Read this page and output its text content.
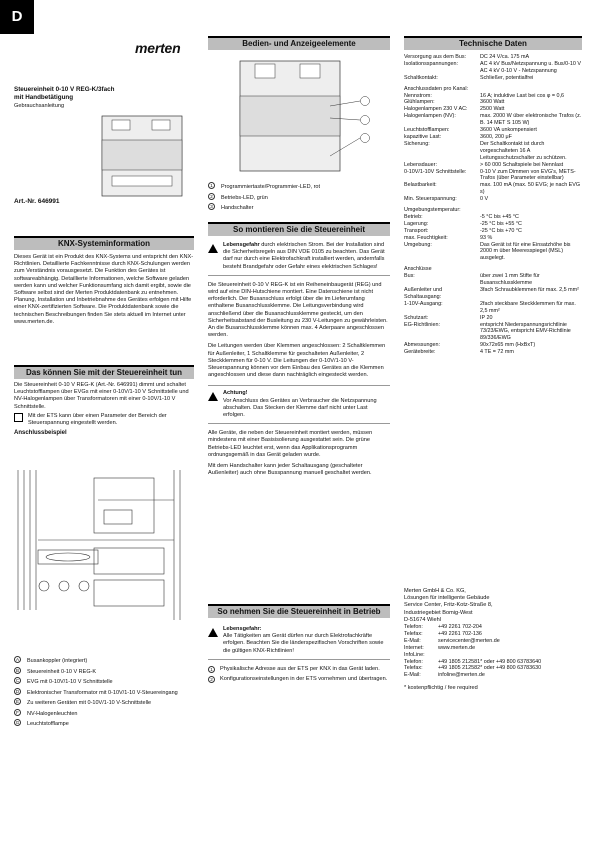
D
merten
Steuereinheit 0-10 V REG-K/3fach
mit Handbetätigung
Gebrauchsanleitung
Art.-Nr. 646991
KNX-Systeminformation

Dieses Gerät ist ein Produkt des KNX-Systems und entspricht den KNX-Richtlinien. Detaillierte Fachkenntnisse durch KNX-Schulungen werden zum Verständnis vorausgesetzt. Die Funktion des Gerätes ist softwareabhängig. Detaillierte Informationen, welche Software geladen werden kann und welcher Funktionsumfang sich damit ergibt, sowie die Software selbst sind der Merten Produktdatenbank zu entnehmen. Planung, Installation und Inbetriebnahme des Gerätes erfolgen mit Hilfe einer KNX-zertifizierten Software. Die Produktdatenbank sowie die technischen Beschreibungen finden Sie stets aktuell im Internet unter www.merten.de.

Das können Sie mit der Steuereinheit tun

Die Steuereinheit 0-10 V REG-K (Art.-Nr. 646991) dimmt und schaltet Leuchtstofflampen über EVGs mit einer 0-10V/1-10 V Schnittstelle und NV-Halogenlampen über Transformatoren mit einer 0-10V/1-10 V Schnittstelle.

Mit der ETS kann über einen Parameter der Bereich der Steuerspannung eingestellt werden.

Anschlussbeispiel
A	Busankoppler (integriert)
B	Steuereinheit 0-10 V REG-K
C	EVG mit 0-10V/1-10 V Schnittstelle
D	Elektronischer Transformator mit 0-10V/1-10 V-Steuereingang
E	Zu weiteren Geräten mit 0-10V/1-10 V-Schnittstelle
F	NV-Halogenleuchten
G	Leuchtstofflampe
Bedien- und Anzeigeelemente
1	Programmiertaste/Programmier-LED, rot
2	Betriebs-LED, grün
3	Handschalter
So montieren Sie die Steuereinheit

Lebensgefahr durch elektrischen Strom. Bei der Installation sind die Sicherheitsregeln aus DIN VDE 0105 zu beachten. Das Gerät darf nur durch eine Elektrofachkraft installiert werden, andernfalls besteht Brandgefahr oder Gefahr eines elektrischen Schlages!

Die Steuereinheit 0-10 V REG-K ist ein Reiheneinbaugerät (REG) und wird auf eine DIN-Hutschiene montiert. Eine Datenschiene ist nicht erforderlich. Der Busanschluss erfolgt über die im Lieferumfang enthaltene Busanschlussklemme. Die Leitungsverbindung wird anschließend über die Busanschlussklemme gesteckt, um den Sicherheitsabstand der Busleitung zu 230 V-Leitungen zu gewährleisten. An die Busanschlussklemme können max. 4 Aderpaare angeschlossen werden.

Die Leitungen werden über Klemmen angeschlossen: 2 Schaltklemmen für Außenleiter, 1 Schaltklemme für geschalteten Außenleiter, 2 Steckklemmen für 0-10 V. Die Leitungen der 0-10V/1-10 V-Steuerspannung können vor dem Einbau des Gerätes an die Klemmen angeschlossen und diese dann nachträglich eingesteckt werden.

Achtung!

Vor Anschluss des Gerätes an Verbraucher die Netzspannung abschalten. Das Stecken der Klemme darf nicht unter Last erfolgen.

Alle Geräte, die neben der Steuereinheit montiert werden, müssen mindestens mit einer Basisisolierung ausgestattet sein. Die grüne Betriebs-LED leuchtet erst, wenn das Applikationsprogramm ordnungsgemäß in das Gerät geladen wurde.

Mit dem Handschalter kann jeder Schaltausgang (geschalteter Außenleiter) auch ohne Busspannung manuell geschaltet werden.

So nehmen Sie die Steuereinheit in Betrieb

Lebensgefahr:

Alle Tätigkeiten am Gerät dürfen nur durch Elektrofachkräfte erfolgen. Beachten Sie die länderspezifischen Vorschriften sowie die gültigen KNX-Richtlinien!

1	Physikalische Adresse aus der ETS per KNX in das Gerät laden.

2	Konfigurationseinstellungen in der ETS vornehmen und übertragen.

Technische Daten
Versorgung aus dem Bus:	DC 24 V/ca. 175 mA
Isolationsspannungen:	AC 4 kV Bus/Netzspannung u. Bus/0-10 V
	AC 4 kV 0-10 V - Netzspannung
Schaltkontakt:	Schließer, potentialfrei
Anschlussdaten pro Kanal:	
Nennstrom:	16 A; induktive Last bei cos φ = 0,6
Glühlampen:	3600 Watt
Halogenlampen 230 V AC:	2500 Watt
Halogenlampen (NV):	max. 2000 W über elektronische Trafos (z. B. 14 MET S 105 W)
Leuchtstofflampen:	3600 VA unkompensiert
kapazitive Last:	3600, 200 μF
Sicherung:	Der Schaltkontakt ist durch vorgeschalteten 16 A Leitungsschutzschalter zu schützen.
Lebensdauer:	> 60 000 Schaltspiele bei Nennlast
0-10V/1-10V Schnittstelle:	0-10 V zum Dimmen von EVG's, METS-Trafos (über Parameter einstellbar)
Belastbarkeit:	max. 100 mA (max. 50 EVG; je nach EVG s)
Min. Steuerspannung:	0 V
Umgebungstemperatur:	
Betrieb:	-5 °C bis +45 °C
Lagerung:	-25 °C bis +55 °C
Transport:	-25 °C bis +70 °C
max. Feuchtigkeit:	93 %
Umgebung:	Das Gerät ist für eine Einsatzhöhe bis 2000 m über Meeresspiegel (MSL) ausgelegt.
Anschlüsse	
Bus:	über zwei 1 mm Stifte für Busanschlussklemme
Außenleiter und Schaltausgang:	3fach Schraubklemmen für max. 2,5 mm²
1-10V-Ausgang:	2fach steckbare Steckklemmen für max. 2,5 mm²
Schutzart:	IP 20
EG-Richtlinien:	entspricht Niederspannungsrichtlinie 73/23/EWG, entspricht EMV-Richtlinie 89/336/EWG
Abmessungen:	90x72x65 mm (HxBxT)
Gerätebreite:	4 TE = 72 mm
Merten GmbH & Co. KG,
Lösungen für intelligente Gebäude
Service Center, Fritz-Kotz-Straße 8,
Industriegebiet Bomig-West
D-51674 Wiehl
Telefon:	+49 2261 702-204
Telefax:	+49 2261 702-136
E-Mail:	servicecenter@merten.de
Internet:	www.merten.de
InfoLine:	
Telefon:	+49 1805 212581* oder +49 800 63783640
Telefax:	+49 1805 212582* oder +49 800 63783630
E-Mail:	infoline@merten.de
* kostenpflichtig / fee required
